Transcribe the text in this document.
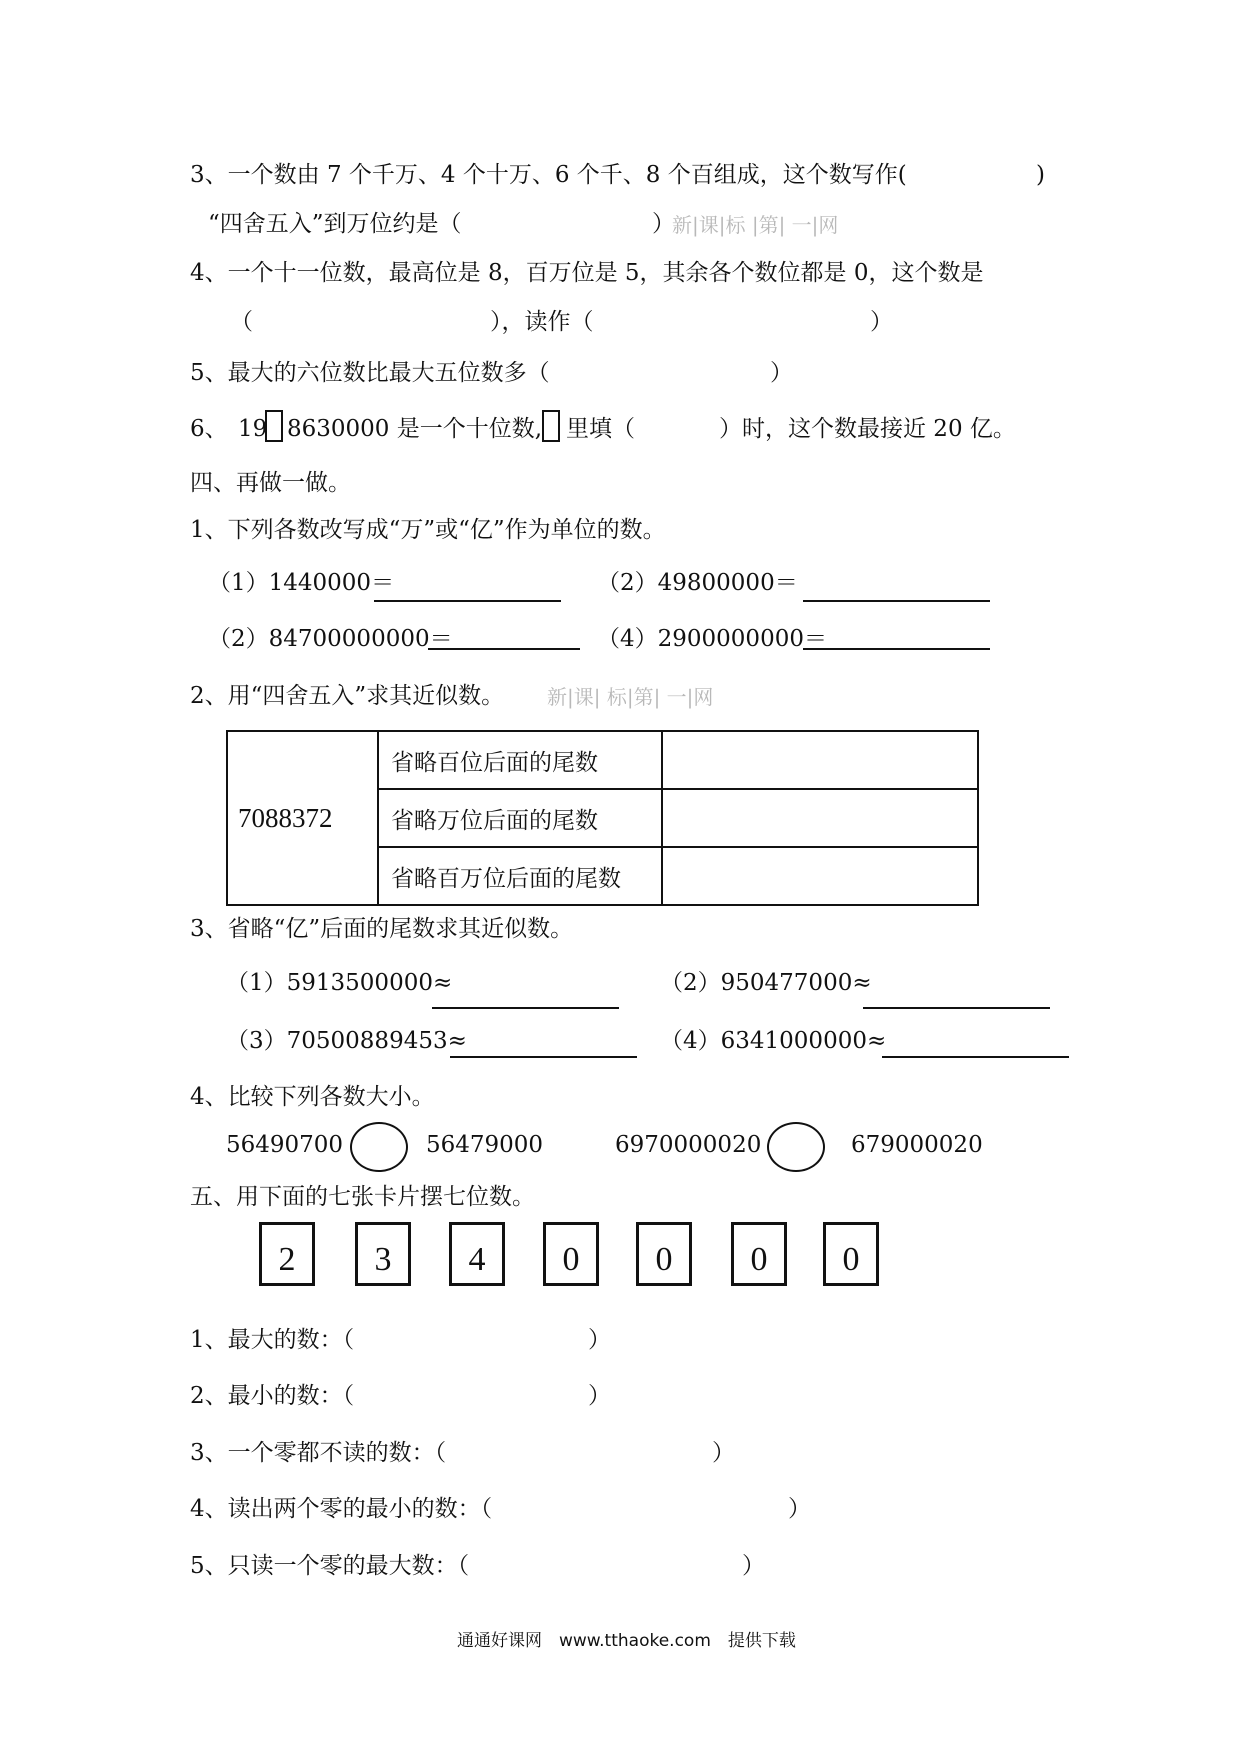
3、一个数由 7 个千万、4 个十万、6 个千、8 个百组成，这个数写作(	)
“四舍五入”到万位约是（	）
新|课|标 |第| 一|网
4、一个十一位数，最高位是 8，百万位是 5，其余各个数位都是 0，这个数是
（	），读作（	）
5、最大的六位数比最大五位数多（	）
6、 19 8630000 是一个十位数, 里填（	）时，这个数最接近 20 亿。
四、再做一做。
1、下列各数改写成“万”或“亿”作为单位的数。
（1）1440000＝	（2）49800000＝
（2）84700000000＝	（4）2900000000＝
2、用“四舍五入”求其近似数。 新|课| 标|第| 一|网
7088372	省略百位后面的尾数	
	省略万位后面的尾数	
	省略百万位后面的尾数	
3、省略“亿”后面的尾数求其近似数。
（1）5913500000≈	（2）950477000≈
（3）70500889453≈	（4）6341000000≈
4、比较下列各数大小。
56490700	56479000	6970000020	679000020
五、用下面的七张卡片摆七位数。
2	3	4	0	0	0	0
1、最大的数：（	）
2、最小的数：（	）
3、一个零都不读的数：（	）
4、读出两个零的最小的数：（	）
5、只读一个零的最大数：（	）
通通好课网　www.tthaoke.com　提供下载
